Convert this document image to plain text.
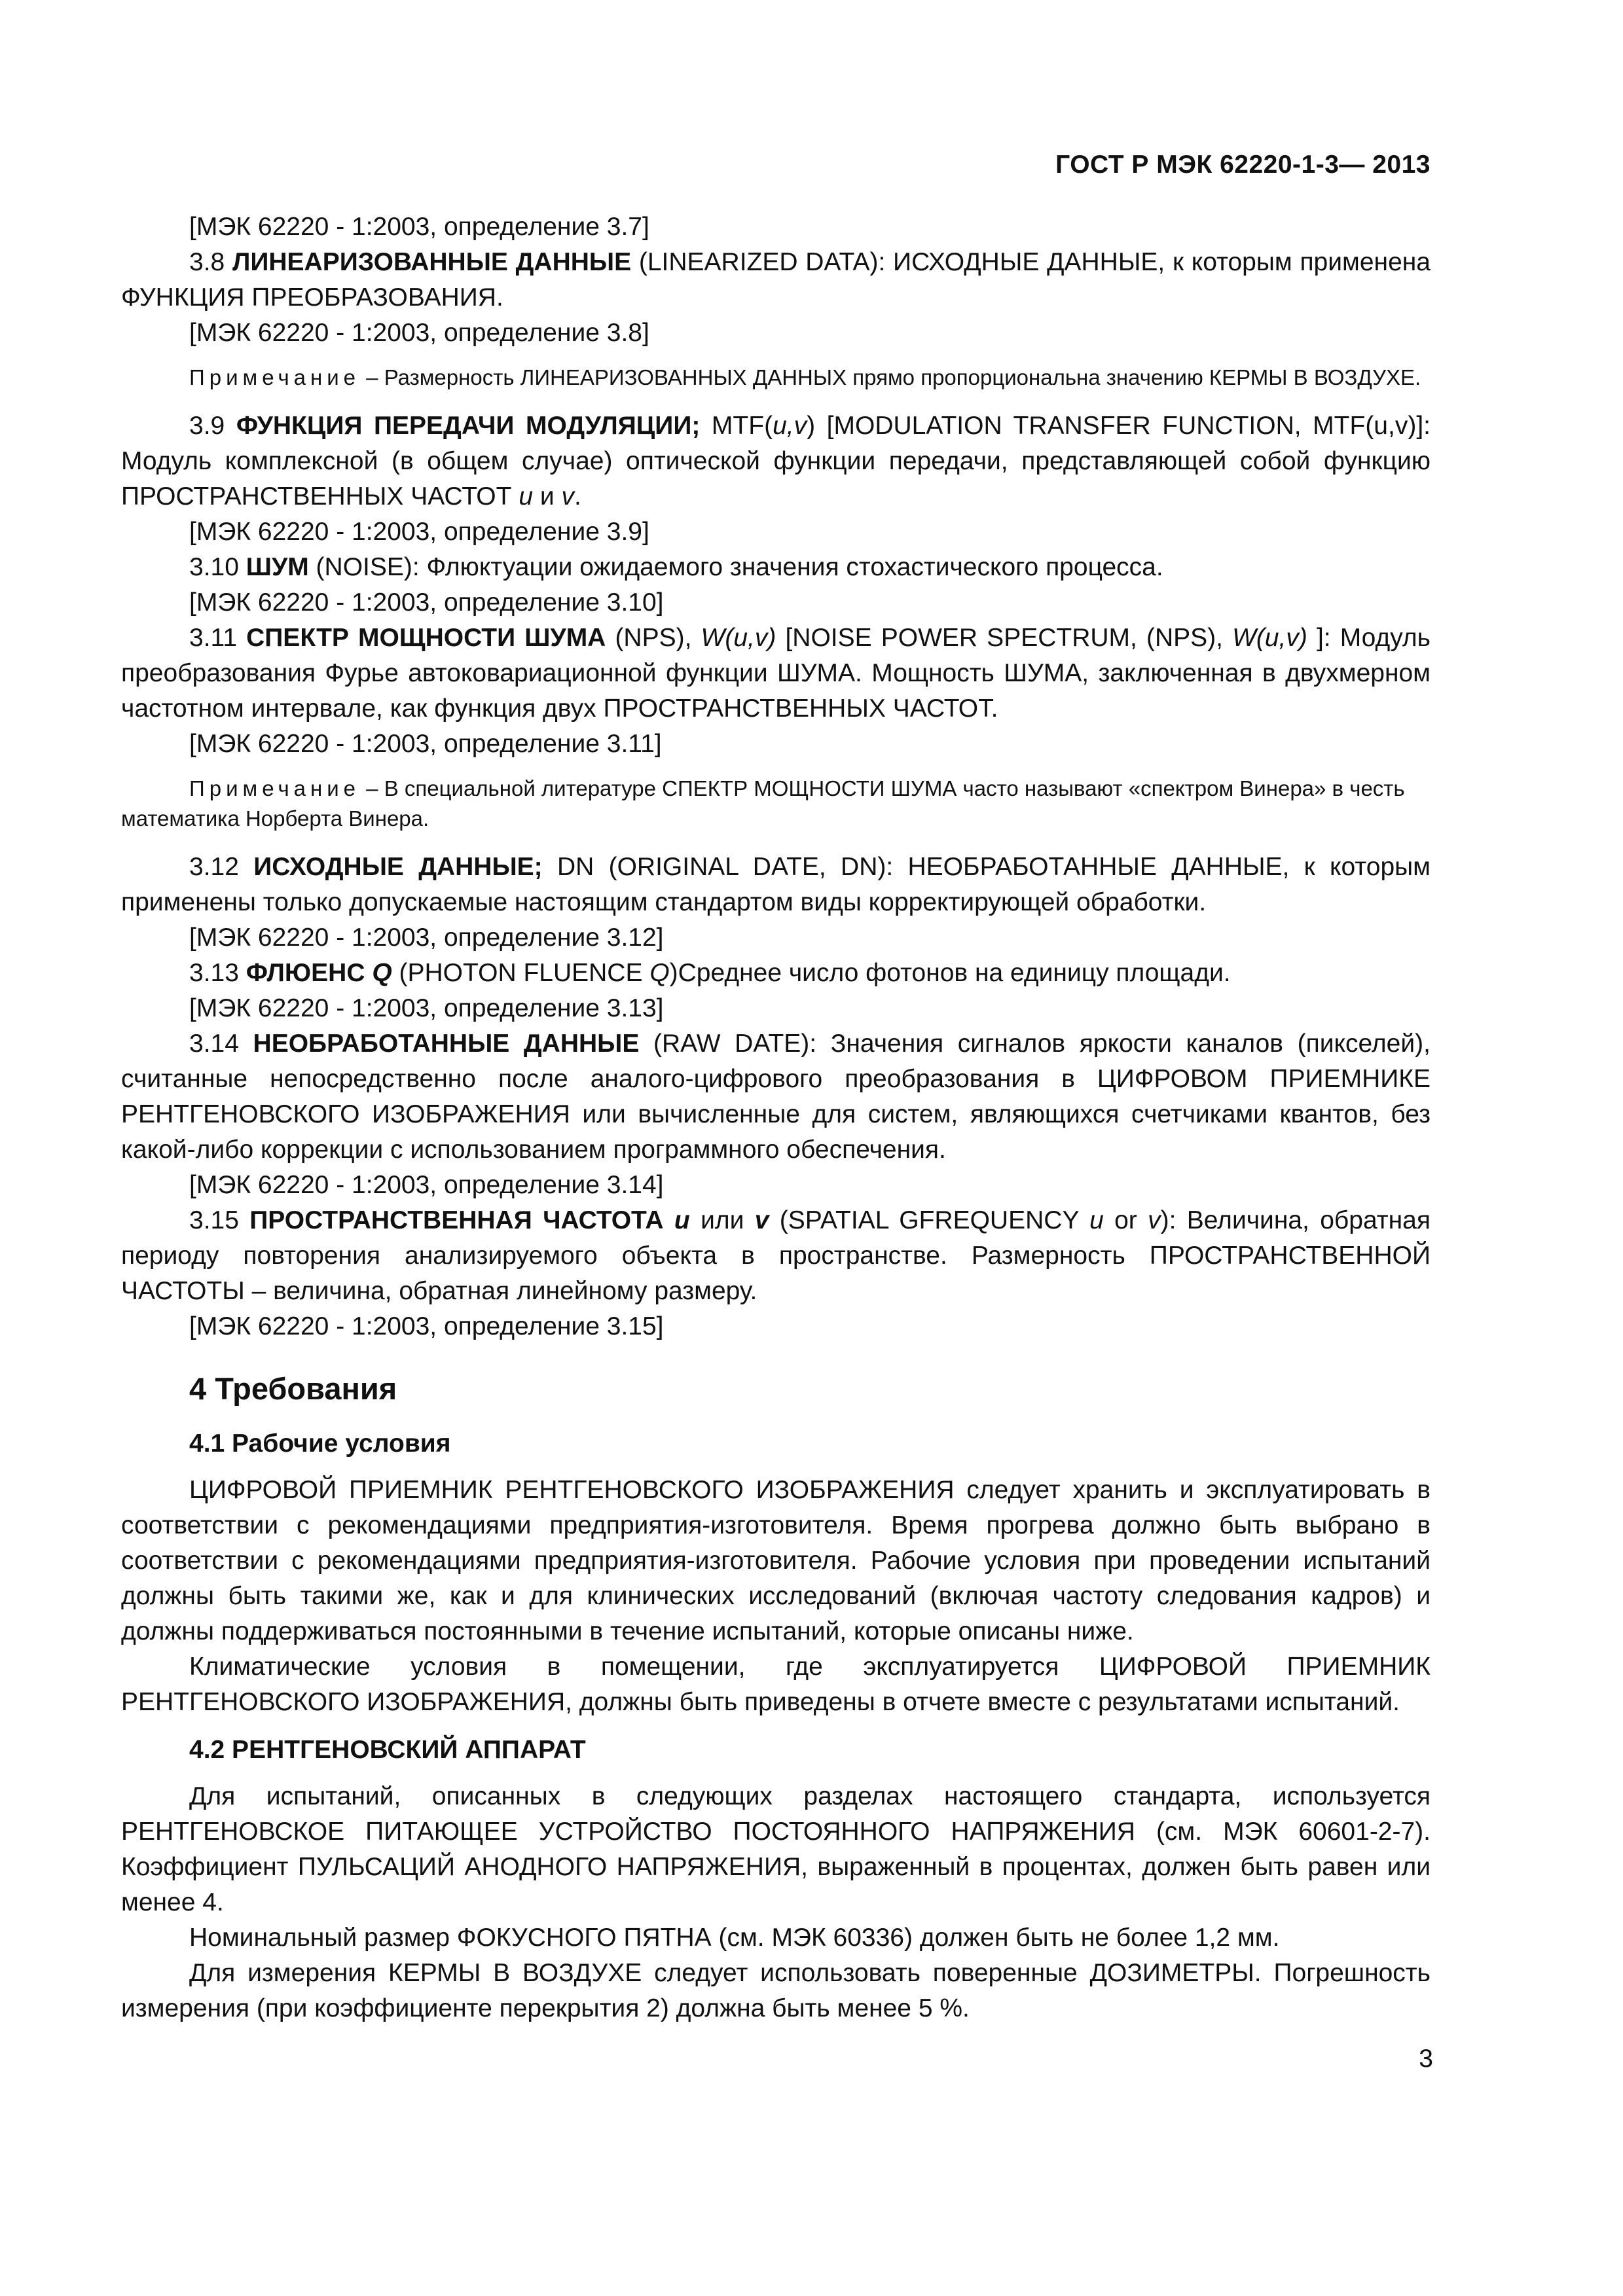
ГОСТ Р МЭК 62220-1-3— 2013

[МЭК 62220 - 1:2003, определение 3.7]

3.8 ЛИНЕАРИЗОВАННЫЕ ДАННЫЕ (LINEARIZED DATA): ИСХОДНЫЕ ДАННЫЕ, к которым применена ФУНКЦИЯ ПРЕОБРАЗОВАНИЯ.

[МЭК 62220 - 1:2003, определение 3.8]

Примечание – Размерность ЛИНЕАРИЗОВАННЫХ ДАННЫХ прямо пропорциональна значению КЕРМЫ В ВОЗДУХЕ.

3.9 ФУНКЦИЯ ПЕРЕДАЧИ МОДУЛЯЦИИ; MTF(u,v) [MODULATION TRANSFER FUNCTION, MTF(u,v)]: Модуль комплексной (в общем случае) оптической функции передачи, представляющей собой функцию ПРОСТРАНСТВЕННЫХ ЧАСТОТ u и v.

[МЭК 62220 - 1:2003, определение 3.9]

3.10 ШУМ (NOISE): Флюктуации ожидаемого значения стохастического процесса.

[МЭК 62220 - 1:2003, определение 3.10]

3.11 СПЕКТР МОЩНОСТИ ШУМА (NPS), W(u,v) [NOISE POWER SPECTRUM, (NPS), W(u,v) ]: Модуль преобразования Фурье автоковариационной функции ШУМА. Мощность ШУМА, заключенная в двухмерном частотном интервале, как функция двух ПРОСТРАНСТВЕННЫХ ЧАСТОТ.

[МЭК 62220 - 1:2003, определение 3.11]

Примечание – В специальной литературе СПЕКТР МОЩНОСТИ ШУМА часто называют «спектром Винера» в честь математика Норберта Винера.

3.12 ИСХОДНЫЕ ДАННЫЕ; DN (ORIGINAL DATE, DN): НЕОБРАБОТАННЫЕ ДАННЫЕ, к которым применены только допускаемые настоящим стандартом виды корректирующей обработки.

[МЭК 62220 - 1:2003, определение 3.12]

3.13 ФЛЮЕНС Q (PHOTON FLUENCE Q)Среднее число фотонов на единицу площади.

[МЭК 62220 - 1:2003, определение 3.13]

3.14 НЕОБРАБОТАННЫЕ ДАННЫЕ (RAW DATE): Значения сигналов яркости каналов (пикселей), считанные непосредственно после аналого-цифрового преобразования в ЦИФРОВОМ ПРИЕМНИКЕ РЕНТГЕНОВСКОГО ИЗОБРАЖЕНИЯ или вычисленные для систем, являющихся счетчиками квантов, без какой-либо коррекции с использованием программного обеспечения.

[МЭК 62220 - 1:2003, определение 3.14]

3.15 ПРОСТРАНСТВЕННАЯ ЧАСТОТА u или v (SPATIAL GFREQUENCY u or v): Величина, обратная периоду повторения анализируемого объекта в пространстве. Размерность ПРОСТРАНСТВЕННОЙ ЧАСТОТЫ – величина, обратная линейному размеру.

[МЭК 62220 - 1:2003, определение 3.15]

4 Требования
4.1 Рабочие условия

ЦИФРОВОЙ ПРИЕМНИК РЕНТГЕНОВСКОГО ИЗОБРАЖЕНИЯ следует хранить и эксплуатировать в соответствии с рекомендациями предприятия-изготовителя. Время прогрева должно быть выбрано в соответствии с рекомендациями предприятия-изготовителя. Рабочие условия при проведении испытаний должны быть такими же, как и для клинических исследований (включая частоту следования кадров) и должны поддерживаться постоянными в течение испытаний, которые описаны ниже.

Климатические условия в помещении, где эксплуатируется ЦИФРОВОЙ ПРИЕМНИК РЕНТГЕНОВСКОГО ИЗОБРАЖЕНИЯ, должны быть приведены в отчете вместе с результатами испытаний.

4.2 РЕНТГЕНОВСКИЙ АППАРАТ

Для испытаний, описанных в следующих разделах настоящего стандарта, используется РЕНТГЕНОВСКОЕ ПИТАЮЩЕЕ УСТРОЙСТВО ПОСТОЯННОГО НАПРЯЖЕНИЯ (см. МЭК 60601-2-7). Коэффициент ПУЛЬСАЦИЙ АНОДНОГО НАПРЯЖЕНИЯ, выраженный в процентах, должен быть равен или менее 4.

Номинальный размер ФОКУСНОГО ПЯТНА (см. МЭК 60336) должен быть не более 1,2 мм.

Для измерения КЕРМЫ В ВОЗДУХЕ следует использовать поверенные ДОЗИМЕТРЫ. Погрешность измерения (при коэффициенте перекрытия 2) должна быть менее 5 %.

3
